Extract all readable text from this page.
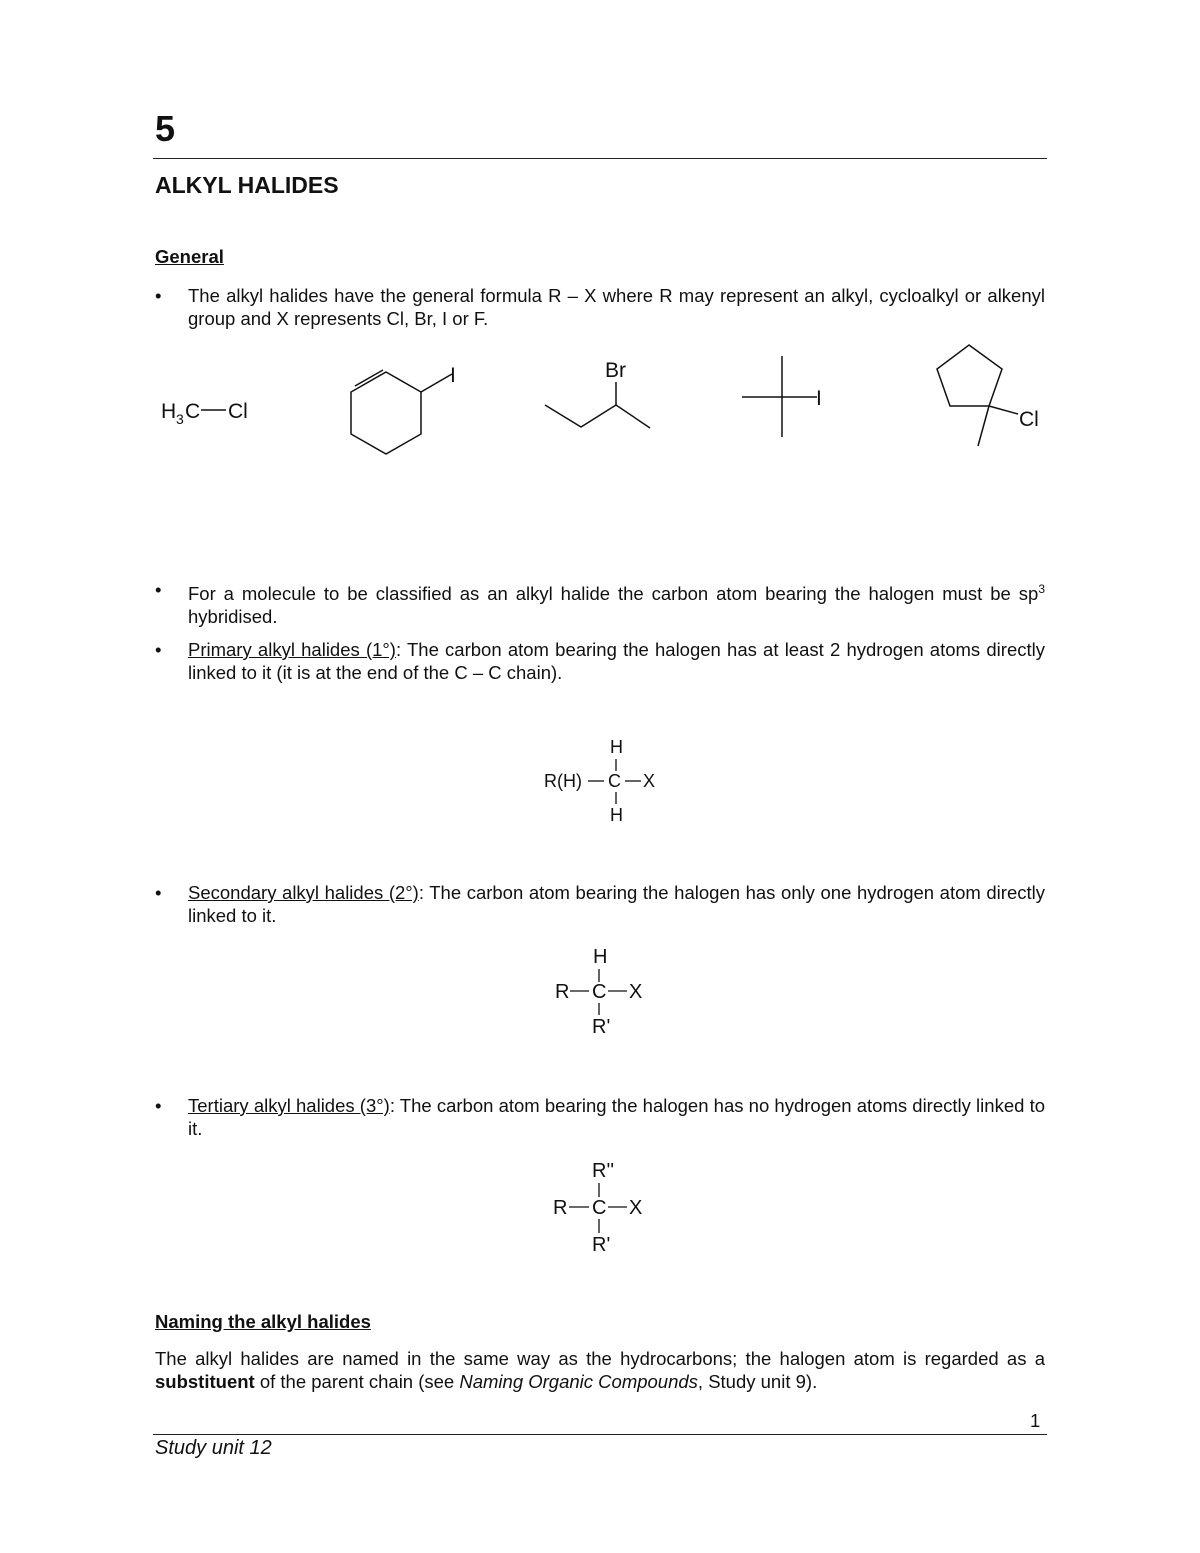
5
ALKYL HALIDES
General
•	The alkyl halides have the general formula R – X where R may represent an alkyl, cycloalkyl or alkenyl group and X represents Cl, Br, I or F.
H 3 C Cl
I	Br
I
Cl
•	For a molecule to be classified as an alkyl halide the carbon atom bearing the halogen must be $sp^3$ hybridised.
•	Primary alkyl halides (1°): The carbon atom bearing the halogen has at least 2 hydrogen atoms directly linked to it (it is at the end of the C – C chain).
H
R(H) C X
H
•	Secondary alkyl halides (2°): The carbon atom bearing the halogen has only one hydrogen atom directly linked to it.
H
R C X
R'
•	Tertiary alkyl halides (3°): The carbon atom bearing the halogen has no hydrogen atoms directly linked to it.
R''
R C X
R'
Naming the alkyl halides
The alkyl halides are named in the same way as the hydrocarbons; the halogen atom is regarded as a substituent of the parent chain (see Naming Organic Compounds, Study unit 9).
1
Study unit 12
